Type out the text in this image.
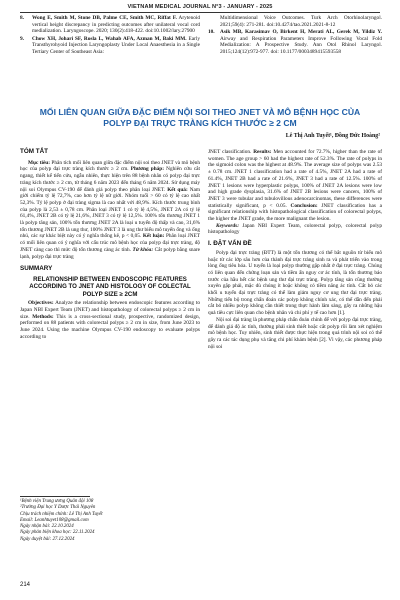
VIETNAM MEDICAL JOURNAL N°3 - JANUARY - 2025
8.	Wong E, Smith M, Stone DB, Palme CE, Smith MC, Riffat F. Arytenoid vertical height discrepancy in predicting outcomes after unilateral vocal cord medialization. Laryngoscope. 2020; 130(2):418-422. doi:10.1002/lary.27900
9.	Chow XH, Johari SF, Rosla L, Wahab AFA, Azman M, Baki MM. Early Transthyrohyoid Injection Laryngoplasty Under Local Anaesthesia in a Single Tertiary Center of Southeast Asia:
Multidimensional Voice Outcomes. Turk Arch Otorhinolaryngol. 2021;59(4): 271-281. doi:10.4274/tao.2021.2021-8-12
10.	Asik MB, Karasimav O, Birkent H, Merati AL, Gerek M, Yildiz Y. Airway and Respiration Parameters Improve Following Vocal Fold Medialization: A Prospective Study. Ann Otol Rhinol Laryngol. 2015;124(12):972-977. doi: 10.1177/0003489415593558
MỐI LIÊN QUAN GIỮA ĐẶC ĐIỂM NỘI SOI THEO JNET VÀ MÔ BỆNH HỌC CỦA POLYP ĐẠI TRỰC TRÀNG KÍCH THƯỚC ≥ 2 CM
Lê Thị Anh Tuyết¹, Đồng Đức Hoàng²
TÓM TẮT

Mục tiêu: Phân tích mối liên quan giữa đặc điểm nội soi theo JNET và mô bệnh học của polyp đại trực tràng kích thước ≥ 2 cm. Phương pháp: Nghiên cứu cắt ngang, thiết kế tiến cứu, ngẫu nhiên, thực hiện trên 88 bệnh nhân có polyp đại trực tràng kích thước ≥ 2 cm, từ tháng 6 năm 2023 đến tháng 6 năm 2024. Sử dụng máy nội soi Olympus CV-190 để đánh giá polyp theo phân loại JNET. Kết quả: Nam giới chiếm tỷ lệ 72,7%, cao hơn tỷ lệ nữ giới. Nhóm tuổi > 60 có tỷ lệ cao nhất 52,3%. Tỷ lệ polyp ở đại tràng sigma là cao nhất với 48,9%. Kích thước trung bình của polyp là 2,53 ± 0,78 cm. Phân loại JNET 1 có tỷ lệ 4,5%, JNET 2A có tỷ lệ 61,4%, JNET 2B có tỷ lệ 21,6%, JNET 3 có tỷ lệ 12,5%. 100% tổn thương JNET 1 là polyp tăng sản, 100% tổn thương JNET 2A là loại u tuyến độ thấp và cao, 31,6% tổn thương JNET 2B là ung thư, 100% JNET 3 là ung thư biểu mô tuyến ống và ống nhú, các sự khác biệt này có ý nghĩa thống kê, p < 0,05. Kết luận: Phân loại JNET có mối liên quan có ý nghĩa với cấu trúc mô bệnh học của polyp đại trực tràng, độ JNET càng cao thì mức độ tổn thương càng ác tính. Từ khóa: Cắt polyp bằng snare lạnh, polyp đại trực tràng

SUMMARY
RELATIONSHIP BETWEEN ENDOSCOPIC FEATURES ACCORDING TO JNET AND HISTOLOGY OF COLECTAL POLYP SIZE ≥ 2CM

Objectives: Analyze the relationship between endoscopic features according to Japan NBI Expert Team (JNET) and histopathology of colorectal polyps ≥ 2 cm in size. Methods: This is a cross-sectional study, prospective, randomized design, performed on 88 patients with colorectal polyps ≥ 2 cm in size, from June 2023 to June 2024. Using the machine Olympus CV-190 endoscopy to evaluate polyps according to

¹Bệnh viện Trung ương Quân đội 108
²Trường Đại học Y Dược Thái Nguyên
Chịu trách nhiệm chính: Lê Thị Anh Tuyết
Email: Leanhtuyet108@gmail.com
Ngày nhận bài: 22.10.2024
Ngày phản biện khoa học: 22.11.2024
Ngày duyệt bài: 27.12.2024

JNET classification. Results: Men accounted for 72.7%, higher than the rate of women. The age group > 60 had the highest rate of 52.3%. The rate of polyps in the sigmoid colon was the highest at 48.9%. The average size of polyps was 2.53 ± 0.78 cm. JNET 1 classification had a rate of 4.5%, JNET 2A had a rate of 61.4%, JNET 2B had a rate of 21.6%, JNET 3 had a rate of 12.5%. 100% of JNET 1 lesions were hyperplastic polyps, 100% of JNET 2A lesions were low and high grade dysplasia, 31.6% of JNET 2B lesions were cancers, 100% of JNET 3 were tubular and tubulovillous adenocarcinomas, these differences were statistically significant, p < 0.05. Conclusion: JNET classification has a significant relationship with histopathological classification of colorectal polyps, the higher the JNET grade, the more malignant the lesion.

Keywords: Japan NBI Expert Team, colorectal polyp, colorectal polyp histopathology

I. ĐẶT VẤN ĐỀ

Polyp đại trực tràng (ĐTT) là một tổn thương có thể bắt nguồn từ biểu mô hoặc từ các lớp sâu hơn của thành đại trực tràng sinh ra và phát triển vào trong lòng ống tiêu hóa. U tuyến là loại polyp thường gặp nhất ở đại trực tràng. Chúng có liên quan đến chứng loạn sản và tiềm ẩn nguy cơ ác tính, là tổn thương báo trước của hầu hết các bệnh ung thư đại trực tràng. Polyp tăng sản cũng thường xuyên gặp phải, mặc dù chúng ít hoặc không có tiềm năng ác tính. Cắt bỏ các khối u tuyến đại trực tràng có thể làm giảm nguy cơ ung thư đại trực tràng. Những tiến bộ trong chẩn đoán các polyp không chính xác, có thể dẫn đến phải cắt bỏ nhiều polyp không cần thiết trong thực hành lâm sàng, gây ra những hậu quả tiêu cực liên quan cho bệnh nhân và chi phí y tế cao hơn [1].

Nội soi đại tràng là phương pháp chẩn đoán chính để với polyp đại trực tràng, để đánh giá độ ác tính, thường phải sinh thiết hoặc cắt polyp rồi làm xét nghiệm mô bệnh học. Tuy nhiên, sinh thiết được thực hiện trong quá trình nội soi có thể gây ra các tác dụng phụ và tăng chi phí khám bệnh [2]. Vì vậy, các phương pháp nội soi

214
